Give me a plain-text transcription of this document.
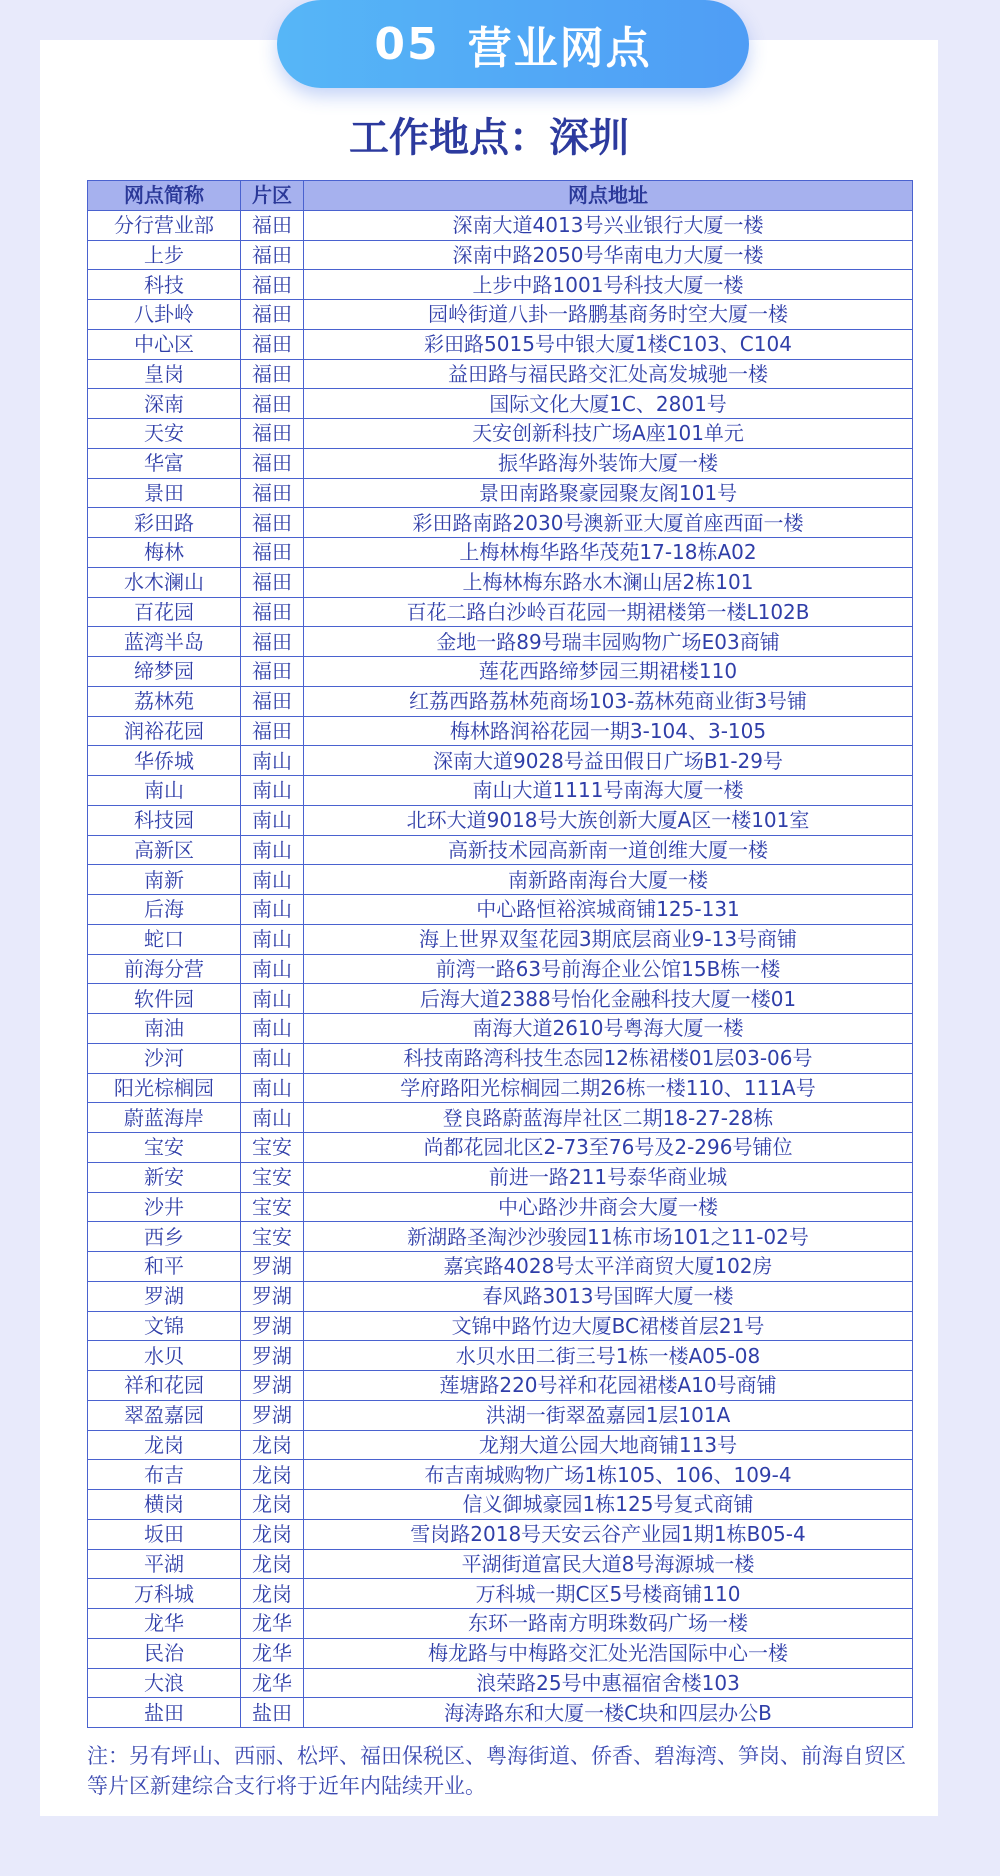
05 营业网点
工作地点：深圳
网点简称	片区	网点地址
分行营业部	福田	深南大道4013号兴业银行大厦一楼
上步	福田	深南中路2050号华南电力大厦一楼
科技	福田	上步中路1001号科技大厦一楼
八卦岭	福田	园岭街道八卦一路鹏基商务时空大厦一楼
中心区	福田	彩田路5015号中银大厦1楼C103、C104
皇岗	福田	益田路与福民路交汇处高发城驰一楼
深南	福田	国际文化大厦1C、2801号
天安	福田	天安创新科技广场A座101单元
华富	福田	振华路海外装饰大厦一楼
景田	福田	景田南路聚豪园聚友阁101号
彩田路	福田	彩田路南路2030号澳新亚大厦首座西面一楼
梅林	福田	上梅林梅华路华茂苑17-18栋A02
水木澜山	福田	上梅林梅东路水木澜山居2栋101
百花园	福田	百花二路白沙岭百花园一期裙楼第一楼L102B
蓝湾半岛	福田	金地一路89号瑞丰园购物广场E03商铺
缔梦园	福田	莲花西路缔梦园三期裙楼110
荔林苑	福田	红荔西路荔林苑商场103-荔林苑商业街3号铺
润裕花园	福田	梅林路润裕花园一期3-104、3-105
华侨城	南山	深南大道9028号益田假日广场B1-29号
南山	南山	南山大道1111号南海大厦一楼
科技园	南山	北环大道9018号大族创新大厦A区一楼101室
高新区	南山	高新技术园高新南一道创维大厦一楼
南新	南山	南新路南海台大厦一楼
后海	南山	中心路恒裕滨城商铺125-131
蛇口	南山	海上世界双玺花园3期底层商业9-13号商铺
前海分营	南山	前湾一路63号前海企业公馆15B栋一楼
软件园	南山	后海大道2388号怡化金融科技大厦一楼01
南油	南山	南海大道2610号粤海大厦一楼
沙河	南山	科技南路湾科技生态园12栋裙楼01层03-06号
阳光棕榈园	南山	学府路阳光棕榈园二期26栋一楼110、111A号
蔚蓝海岸	南山	登良路蔚蓝海岸社区二期18-27-28栋
宝安	宝安	尚都花园北区2-73至76号及2-296号铺位
新安	宝安	前进一路211号泰华商业城
沙井	宝安	中心路沙井商会大厦一楼
西乡	宝安	新湖路圣淘沙沙骏园11栋市场101之11-02号
和平	罗湖	嘉宾路4028号太平洋商贸大厦102房
罗湖	罗湖	春风路3013号国晖大厦一楼
文锦	罗湖	文锦中路竹边大厦BC裙楼首层21号
水贝	罗湖	水贝水田二街三号1栋一楼A05-08
祥和花园	罗湖	莲塘路220号祥和花园裙楼A10号商铺
翠盈嘉园	罗湖	洪湖一街翠盈嘉园1层101A
龙岗	龙岗	龙翔大道公园大地商铺113号
布吉	龙岗	布吉南城购物广场1栋105、106、109-4
横岗	龙岗	信义御城豪园1栋125号复式商铺
坂田	龙岗	雪岗路2018号天安云谷产业园1期1栋B05-4
平湖	龙岗	平湖街道富民大道8号海源城一楼
万科城	龙岗	万科城一期C区5号楼商铺110
龙华	龙华	东环一路南方明珠数码广场一楼
民治	龙华	梅龙路与中梅路交汇处光浩国际中心一楼
大浪	龙华	浪荣路25号中惠福宿舍楼103
盐田	盐田	海涛路东和大厦一楼C块和四层办公B
注：另有坪山、西丽、松坪、福田保税区、粤海街道、侨香、碧海湾、笋岗、前海自贸区等片区新建综合支行将于近年内陆续开业。
